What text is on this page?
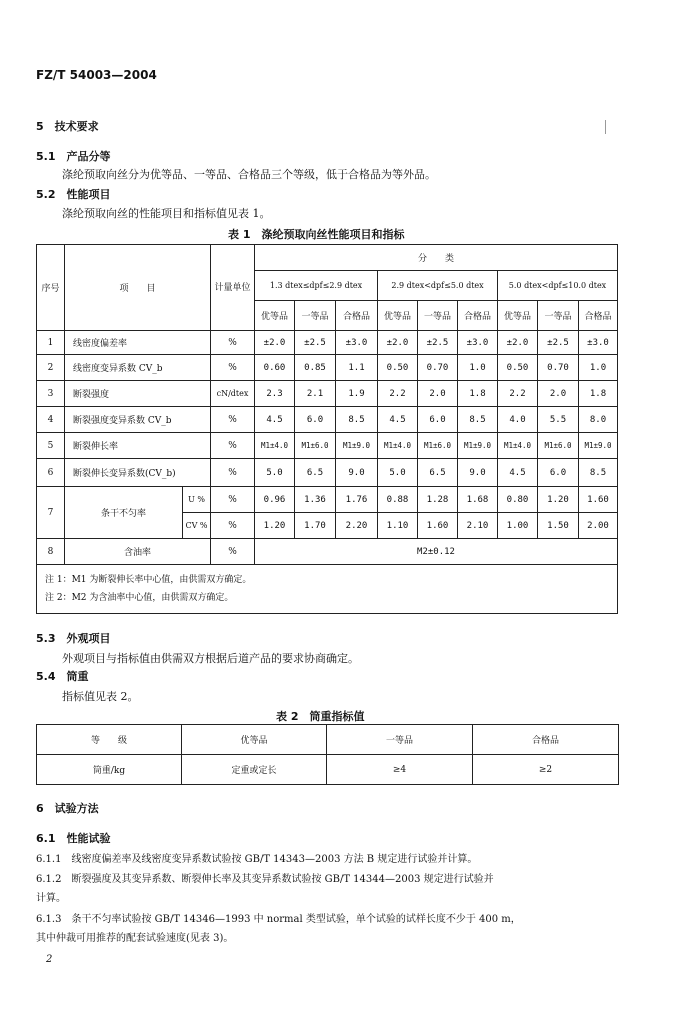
FZ/T 54003—2004
5　技术要求
5.1　产品分等
涤纶预取向丝分为优等品、一等品、合格品三个等级，低于合格品为等外品。
5.2　性能项目
涤纶预取向丝的性能项目和指标值见表 1。
表 1　涤纶预取向丝性能项目和指标
序号	项　　目		计量单位	分　　类								
				1.3 dtex≤dpf≤2.9 dtex			2.9 dtex<dpf≤5.0 dtex			5.0 dtex<dpf≤10.0 dtex		
				优等品	一等品	合格品	优等品	一等品	合格品	优等品	一等品	合格品
1	线密度偏差率		%	±2.0	±2.5	±3.0	±2.0	±2.5	±3.0	±2.0	±2.5	±3.0
2	线密度变异系数 CV_b		%	0.60	0.85	1.1	0.50	0.70	1.0	0.50	0.70	1.0
3	断裂强度		cN/dtex	2.3	2.1	1.9	2.2	2.0	1.8	2.2	2.0	1.8
4	断裂强度变异系数 CV_b		%	4.5	6.0	8.5	4.5	6.0	8.5	4.0	5.5	8.0
5	断裂伸长率		%	M1±4.0	M1±6.0	M1±9.0	M1±4.0	M1±6.0	M1±9.0	M1±4.0	M1±6.0	M1±9.0
6	断裂伸长变异系数(CV_b)		%	5.0	6.5	9.0	5.0	6.5	9.0	4.5	6.0	8.5
7	条干不匀率	U %	%	0.96	1.36	1.76	0.88	1.28	1.68	0.80	1.20	1.60
		CV %	%	1.20	1.70	2.20	1.10	1.60	2.10	1.00	1.50	2.00
8	含油率		%	M2±0.12								

注 1：M1 为断裂伸长率中心值，由供需双方确定。
注 2：M2 为含油率中心值，由供需双方确定。												
5.3　外观项目
外观项目与指标值由供需双方根据后道产品的要求协商确定。
5.4　筒重
指标值见表 2。
表 2　筒重指标值
等　　级	优等品	一等品	合格品
筒重/kg	定重或定长	≥4	≥2
6　试验方法
6.1　性能试验
6.1.1　线密度偏差率及线密度变异系数试验按 GB/T 14343—2003 方法 B 规定进行试验并计算。
6.1.2　断裂强度及其变异系数、断裂伸长率及其变异系数试验按 GB/T 14344—2003 规定进行试验并
计算。
6.1.3　条干不匀率试验按 GB/T 14346—1993 中 normal 类型试验，单个试验的试样长度不少于 400 m，
其中仲裁可用推荐的配套试验速度(见表 3)。
2
